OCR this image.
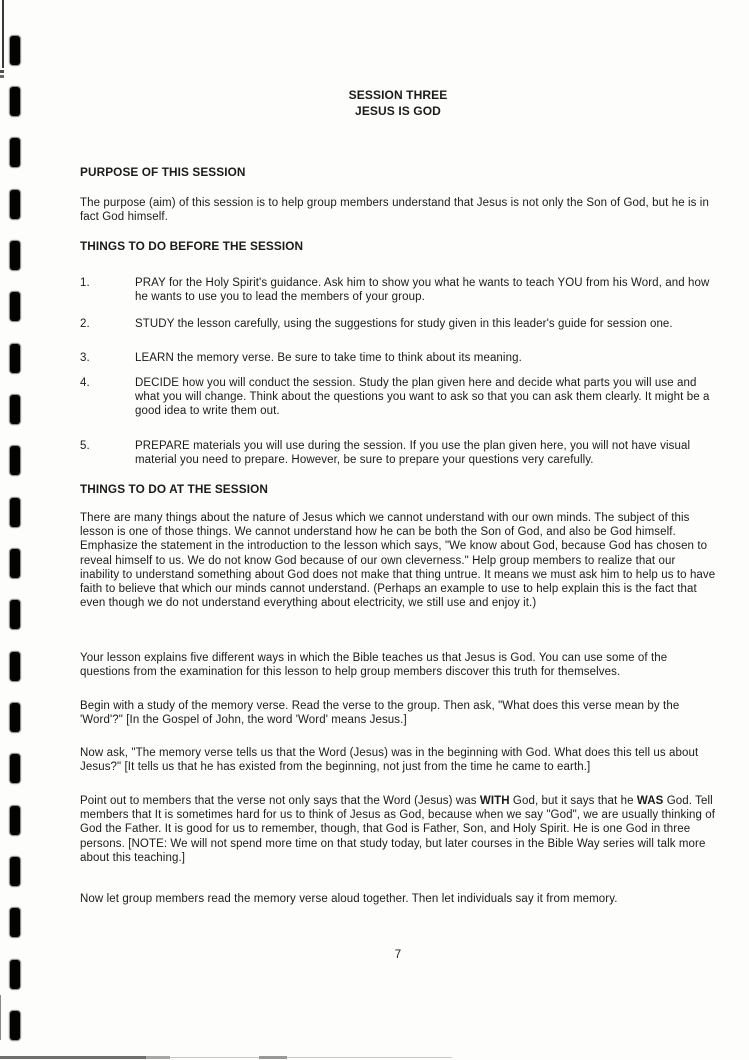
SESSION THREE
JESUS IS GOD
PURPOSE OF THIS SESSION
The purpose (aim) of this session is to help group members understand that Jesus is not only the Son of God, but he is in fact God himself.
THINGS TO DO BEFORE THE SESSION
1.	PRAY for the Holy Spirit's guidance. Ask him to show you what he wants to teach YOU from his Word, and how he wants to use you to lead the members of your group.
2.	STUDY the lesson carefully, using the suggestions for study given in this leader's guide for session one.
3.	LEARN the memory verse. Be sure to take time to think about its meaning.
4.	DECIDE how you will conduct the session. Study the plan given here and decide what parts you will use and what you will change. Think about the questions you want to ask so that you can ask them clearly. It might be a good idea to write them out.
5.	PREPARE materials you will use during the session. If you use the plan given here, you will not have visual material you need to prepare. However, be sure to prepare your questions very carefully.
THINGS TO DO AT THE SESSION
There are many things about the nature of Jesus which we cannot understand with our own minds. The subject of this lesson is one of those things. We cannot understand how he can be both the Son of God, and also be God himself. Emphasize the statement in the introduction to the lesson which says, "We know about God, because God has chosen to reveal himself to us. We do not know God because of our own cleverness." Help group members to realize that our inability to understand something about God does not make that thing untrue. It means we must ask him to help us to have faith to believe that which our minds cannot understand. (Perhaps an example to use to help explain this is the fact that even though we do not understand everything about electricity, we still use and enjoy it.)
Your lesson explains five different ways in which the Bible teaches us that Jesus is God. You can use some of the questions from the examination for this lesson to help group members discover this truth for themselves.
Begin with a study of the memory verse. Read the verse to the group. Then ask, "What does this verse mean by the 'Word'?" [In the Gospel of John, the word 'Word' means Jesus.]
Now ask, "The memory verse tells us that the Word (Jesus) was in the beginning with God. What does this tell us about Jesus?" [It tells us that he has existed from the beginning, not just from the time he came to earth.]
Point out to members that the verse not only says that the Word (Jesus) was WITH God, but it says that he WAS God. Tell members that It is sometimes hard for us to think of Jesus as God, because when we say "God", we are usually thinking of God the Father. It is good for us to remember, though, that God is Father, Son, and Holy Spirit. He is one God in three persons. [NOTE: We will not spend more time on that study today, but later courses in the Bible Way series will talk more about this teaching.]
Now let group members read the memory verse aloud together. Then let individuals say it from memory.
7
